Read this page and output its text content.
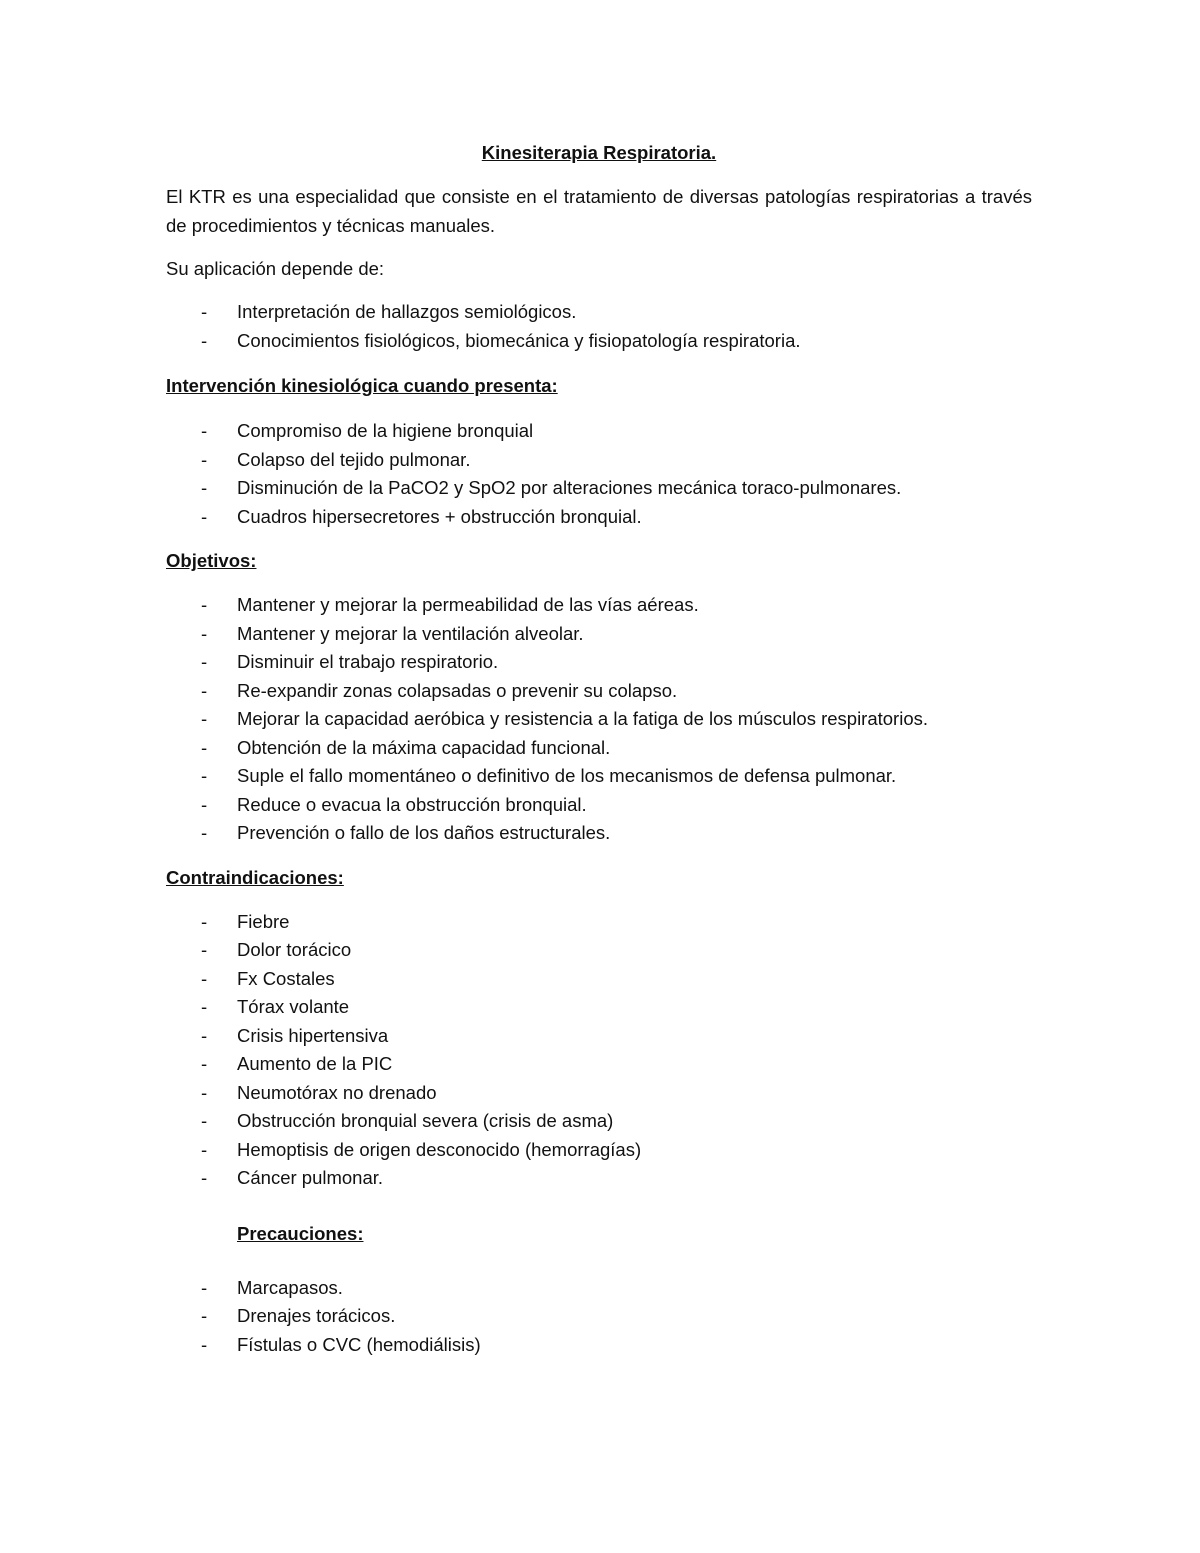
Kinesiterapia Respiratoria.

El KTR es una especialidad que consiste en el tratamiento de diversas patologías respiratorias a través de procedimientos y técnicas manuales.

Su aplicación depende de:

- Interpretación de hallazgos semiológicos.
- Conocimientos fisiológicos, biomecánica y fisiopatología respiratoria.

Intervención kinesiológica cuando presenta:

- Compromiso de la higiene bronquial
- Colapso del tejido pulmonar.
- Disminución de la PaCO2 y SpO2 por alteraciones mecánica toraco-pulmonares.
- Cuadros hipersecretores + obstrucción bronquial.

Objetivos:

- Mantener y mejorar la permeabilidad de las vías aéreas.
- Mantener y mejorar la ventilación alveolar.
- Disminuir el trabajo respiratorio.
- Re-expandir zonas colapsadas o prevenir su colapso.
- Mejorar la capacidad aeróbica y resistencia a la fatiga de los músculos respiratorios.
- Obtención de la máxima capacidad funcional.
- Suple el fallo momentáneo o definitivo de los mecanismos de defensa pulmonar.
- Reduce o evacua la obstrucción bronquial.
- Prevención o fallo de los daños estructurales.

Contraindicaciones:

- Fiebre
- Dolor torácico
- Fx Costales
- Tórax volante
- Crisis hipertensiva
- Aumento de la PIC
- Neumotórax no drenado
- Obstrucción bronquial severa (crisis de asma)
- Hemoptisis de origen desconocido (hemorragías)
- Cáncer pulmonar.

Precauciones:

- Marcapasos.
- Drenajes torácicos.
- Fístulas o CVC (hemodiálisis)
